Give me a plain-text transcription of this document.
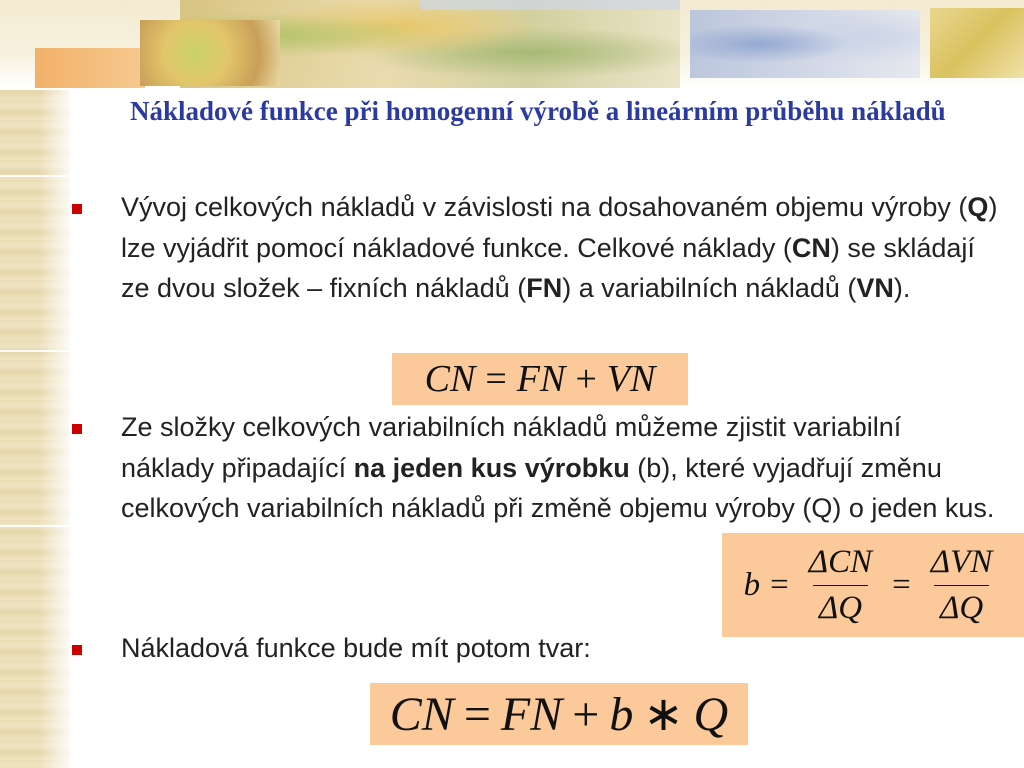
Nákladové funkce při homogenní výrobě a lineárním průběhu nákladů

Vývoj celkových nákladů v závislosti na dosahovaném objemu výroby (Q) lze vyjádřit pomocí nákladové funkce. Celkové náklady (CN) se skládají ze dvou složek – fixních nákladů (FN) a variabilních nákladů (VN).

Ze složky celkových variabilních nákladů můžeme zjistit variabilní náklady připadající na jeden kus výrobku (b), které vyjadřují změnu celkových variabilních nákladů při změně objemu výroby (Q) o jeden kus.

Nákladová funkce bude mít potom tvar:

CN = FN + VN
$b = \frac{\text{ΔCN}}{\Delta Q} = \frac{\text{ΔVN}}{\Delta Q}$
CN = FN + b ∗ Q
